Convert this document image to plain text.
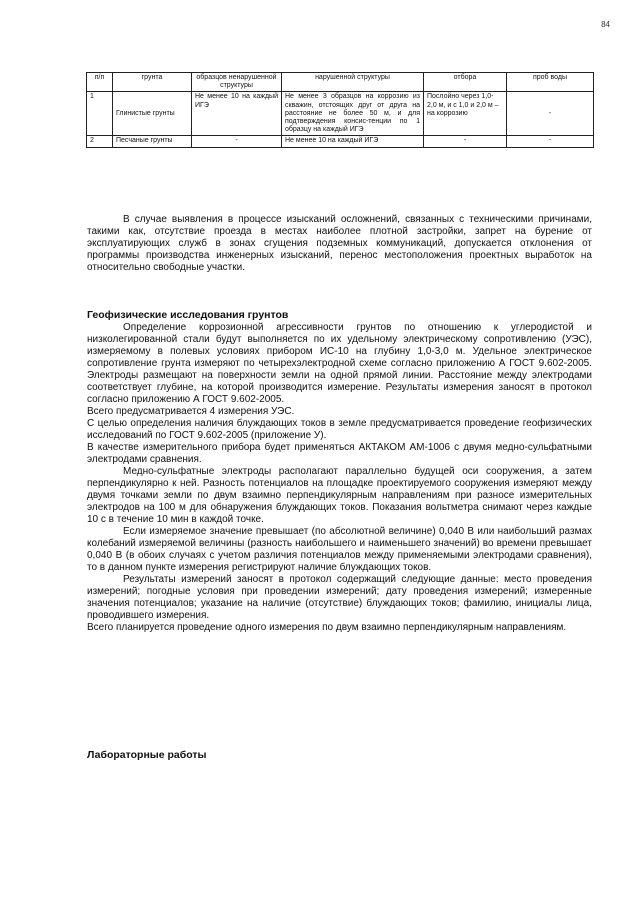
84
п/п	грунта	образцов ненарушенной структуры	нарушенной структуры	отбора	проб воды
1	Глинистые грунты	Не менее 10 на каждый ИГЭ	Не менее 3 образцов на коррозию из скважин, отстоящих друг от друга на расстояние не более 50 м, и для подтверждения консис-тенции по 1 образцу на каждый ИГЭ	Послойно через 1,0-2,0 м, и с 1,0 и 2,0 м – на коррозию	-
2	Песчаные грунты	-	Не менее 10 на каждый ИГЭ	-	-

В случае выявления в процессе изысканий осложнений, связанных с техническими причинами, такими как, отсутствие проезда в местах наиболее плотной застройки, запрет на бурение от эксплуатирующих служб в зонах сгущения подземных коммуникаций, допускается отклонения от программы производства инженерных изысканий, перенос местоположения проектных выработок на относительно свободные участки.

Геофизические исследования грунтов

Определение коррозионной агрессивности грунтов по отношению к углеродистой и низколегированной стали будут выполняется по их удельному электрическому сопротивлению (УЭС), измеряемому в полевых условиях прибором ИС-10 на глубину 1,0-3,0 м. Удельное электрическое сопротивление грунта измеряют по четырехэлектродной схеме согласно приложению А ГОСТ 9.602-2005. Электроды размещают на поверхности земли на одной прямой линии. Расстояние между электродами соответствует глубине, на которой производится измерение. Результаты измерения заносят в протокол согласно приложению А ГОСТ 9.602-2005.

Всего предусматривается 4 измерения УЭС.

С целью определения наличия блуждающих токов в земле предусматривается проведение геофизических исследований по ГОСТ 9.602-2005 (приложение У).

В качестве измерительного прибора будет применяться АКТАКОМ АМ-1006 с двумя медно-сульфатными электродами сравнения.

Медно-сульфатные электроды располагают параллельно будущей оси сооружения, а затем перпендикулярно к ней. Разность потенциалов на площадке проектируемого сооружения измеряют между двумя точками земли по двум взаимно перпендикулярным направлениям при разносе измерительных электродов на 100 м для обнаружения блуждающих токов. Показания вольтметра снимают через каждые 10 с в течение 10 мин в каждой точке.

Если измеряемое значение превышает (по абсолютной величине) 0,040 В или наибольший размах колебаний измеряемой величины (разность наибольшего и наименьшего значений) во времени превышает 0,040 В (в обоих случаях с учетом различия потенциалов между применяемыми электродами сравнения), то в данном пункте измерения регистрируют наличие блуждающих токов.

Результаты измерений заносят в протокол содержащий следующие данные: место проведения измерений; погодные условия при проведении измерений; дату проведения измерений; измеренные значения потенциалов; указание на наличие (отсутствие) блуждающих токов; фамилию, инициалы лица, проводившего измерения.

Всего планируется проведение одного измерения по двум взаимно перпендикулярным направлениям.

Лабораторные работы
